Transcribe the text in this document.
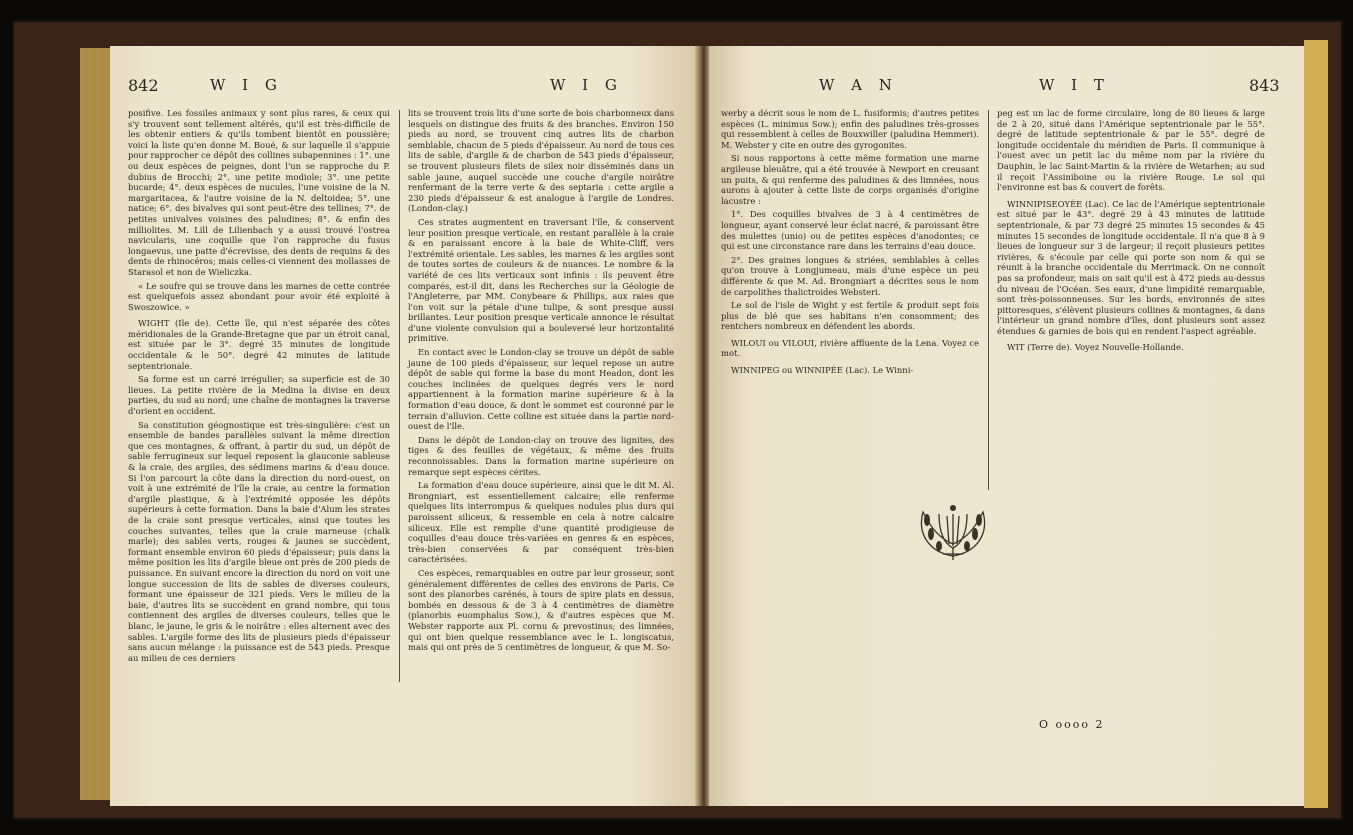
842	W I G	W I G

posifive. Les fossiles animaux y sont plus rares, & ceux qui s'y trouvent sont tellement altérés, qu'il est très-difficile de les obtenir entiers & qu'ils tombent bientôt en poussière; voici la liste qu'en donne M. Boué, & sur laquelle il s'appuie pour rapprocher ce dépôt des collines subapennines : 1°. une ou deux espèces de peignes, dont l'un se rapproche du P. dubius de Brocchi; 2°. une petite modiole; 3°. une petite bucarde; 4°. deux espèces de nucules, l'une voisine de la N. margaritacea, & l'autre voisine de la N. deltoidea; 5°. une natice; 6°. des bivalves qui sont peut-être des tellines; 7°. de petites univalves voisines des paludines; 8°. & enfin des milliolites. M. Lill de Lilienbach y a aussi trouvé l'ostrea navicularis, une coquille que l'on rapproche du fusus longaevus, une patte d'écrevisse, des dents de requins & des dents de rhinocéros; mais celles-ci viennent des mollasses de Starasol et non de Wieliczka.

« Le soufre qui se trouve dans les marnes de cette contrée est quelquefois assez abondant pour avoir été exploité à Swoszowice. »

WIGHT (Ile de). Cette île, qui n'est séparée des côtes méridionales de la Grande-Bretagne que par un étroit canal, est située par le 3°. degré 35 minutes de longitude occidentale & le 50°. degré 42 minutes de latitude septentrionale.

Sa forme est un carré irrégulier; sa superficie est de 30 lieues. La petite rivière de la Medina la divise en deux parties, du sud au nord; une chaîne de montagnes la traverse d'orient en occident.

Sa constitution géognostique est très-singulière: c'est un ensemble de bandes parallèles suivant la même direction que ces montagnes, & offrant, à partir du sud, un dépôt de sable ferrugineux sur lequel reposent la glauconie sableuse & la craie, des argiles, des sédimens marins & d'eau douce. Si l'on parcourt la côte dans la direction du nord-ouest, on voit à une extrémité de l'île la craie, au centre la formation d'argile plastique, & à l'extrémité opposée les dépôts supérieurs à cette formation. Dans la baie d'Alum les strates de la craie sont presque verticales, ainsi que toutes les couches suivantes, telles que la craie marneuse (chalk marle); des sables verts, rouges & jaunes se succèdent, formant ensemble environ 60 pieds d'épaisseur; puis dans la même position les lits d'argile bleue ont près de 200 pieds de puissance. En suivant encore la direction du nord on voit une longue succession de lits de sables de diverses couleurs, formant une épaisseur de 321 pieds. Vers le milieu de la baie, d'autres lits se succèdent en grand nombre, qui tous contiennent des argiles de diverses couleurs, telles que le blanc, le jaune, le gris & le noirâtre : elles alternent avec des sables. L'argile forme des lits de plusieurs pieds d'épaisseur sans aucun mélange : la puissance est de 543 pieds. Presque au milieu de ces derniers

lits se trouvent trois lits d'une sorte de bois charbonneux dans lesquels on distingue des fruits & des branches. Environ 150 pieds au nord, se trouvent cinq autres lits de charbon semblable, chacun de 5 pieds d'épaisseur. Au nord de tous ces lits de sable, d'argile & de charbon de 543 pieds d'épaisseur, se trouvent plusieurs filets de silex noir disséminés dans un sable jaune, auquel succède une couche d'argile noirâtre renfermant de la terre verte & des septaria : cette argile a 230 pieds d'épaisseur & est analogue à l'argile de Londres. (London-clay.)

Ces strates augmentent en traversant l'île, & conservent leur position presque verticale, en restant parallèle à la craie & en paraissant encore à la baie de White-Cliff, vers l'extrémité orientale. Les sables, les marnes & les argiles sont de toutes sortes de couleurs & de nuances. Le nombre & la variété de ces lits verticaux sont infinis : ils peuvent être comparés, est-il dit, dans les Recherches sur la Géologie de l'Angleterre, par MM. Conybeare & Phillips, aux raies que l'on voit sur la pétale d'une tulipe, & sont presque aussi brillantes. Leur position presque verticale annonce le résultat d'une violente convulsion qui a bouleversé leur horizontalité primitive.

En contact avec le London-clay se trouve un dépôt de sable jaune de 100 pieds d'épaisseur, sur lequel repose un autre dépôt de sable qui forme la base du mont Headon, dont les couches inclinées de quelques degrés vers le nord appartiennent à la formation marine supérieure & à la formation d'eau douce, & dont le sommet est couronné par le terrain d'alluvion. Cette colline est située dans la partie nord-ouest de l'île.

Dans le dépôt de London-clay on trouve des lignites, des tiges & des feuilles de végétaux, & même des fruits reconnoissables. Dans la formation marine supérieure on remarque sept espèces cérites.

La formation d'eau douce supérieure, ainsi que le dit M. Al. Brongniart, est essentiellement calcaire; elle renferme quelques lits interrompus & quelques nodules plus durs qui paroissent siliceux, & ressemble en cela à notre calcaire siliceux. Elle est remplie d'une quantité prodigieuse de coquilles d'eau douce très-variées en genres & en espèces, très-bien conservées & par conséquent très-bien caractérisées.

Ces espèces, remarquables en outre par leur grosseur, sont généralement différentes de celles des environs de Paris. Ce sont des planorbes carénés, à tours de spire plats en dessus, bombés en dessous & de 3 à 4 centimètres de diamètre (planorbis euomphalus Sow.), & d'autres espèces que M. Webster rapporte aux Pl. cornu & prevostinus; des limnées, qui ont bien quelque ressemblance avec le L. longiscatus, mais qui ont près de 5 centimètres de longueur, & que M. So-

W A N	W I T	843

werby a décrit sous le nom de L. fusiformis; d'autres petites espèces (L. minimus Sow.); enfin des paludines très-grosses qui ressemblent à celles de Bouxwiller (paludina Hemmeri). M. Webster y cite en outre des gyrogonites.

Si nous rapportons à cette même formation une marne argileuse bleuâtre, qui a été trouvée à Newport en creusant un puits, & qui renferme des paludines & des limnées, nous aurons à ajouter à cette liste de corps organisés d'origine lacustre :

1°. Des coquilles bivalves de 3 à 4 centimètres de longueur, ayant conservé leur éclat nacré, & paroissant être des mulettes (unio) ou de petites espèces d'anodontes; ce qui est une circonstance rare dans les terrains d'eau douce.

2°. Des graines longues & striées, semblables à celles qu'on trouve à Longjumeau, mais d'une espèce un peu différente & que M. Ad. Brongniart a décrites sous le nom de carpolithes thalictroides Websteri.

Le sol de l'isle de Wight y est fertile & produit sept fois plus de blé que ses habitans n'en consomment; des rentchers nombreux en défendent les abords.

WILOUI ou VILOUI, rivière affluente de la Lena. Voyez ce mot.

WINNIPEG ou WINNIPÉE (Lac). Le Winni-

peg est un lac de forme circulaire, long de 80 lieues & large de 2 à 20, situé dans l'Amérique septentrionale par le 55°. degré de latitude septentrionale & par le 55°. degré de longitude occidentale du méridien de Paris. Il communique à l'ouest avec un petit lac du même nom par la rivière du Dauphin, le lac Saint-Martin & la rivière de Wetarhen; au sud il reçoit l'Assiniboine ou la rivière Rouge. Le sol qui l'environne est bas & couvert de forêts.

WINNIPISEOYÉE (Lac). Ce lac de l'Amérique septentrionale est situé par le 43°. degré 29 à 43 minutes de latitude septentrionale, & par 73 degré 25 minutes 15 secondes & 45 minutes 15 secondes de longitude occidentale. Il n'a que 8 à 9 lieues de longueur sur 3 de largeur; il reçoit plusieurs petites rivières, & s'écoule par celle qui porte son nom & qui se réunit à la branche occidentale du Merrimack. On ne connoît pas sa profondeur, mais on sait qu'il est à 472 pieds au-dessus du niveau de l'Océan. Ses eaux, d'une limpidité remarquable, sont très-poissonneuses. Sur les bords, environnés de sites pittoresques, s'élèvent plusieurs collines & montagnes, & dans l'intérieur un grand nombre d'îles, dont plusieurs sont assez étendues & garnies de bois qui en rendent l'aspect agréable.

WIT (Terre de). Voyez Nouvelle-Hollande.

O oooo 2
